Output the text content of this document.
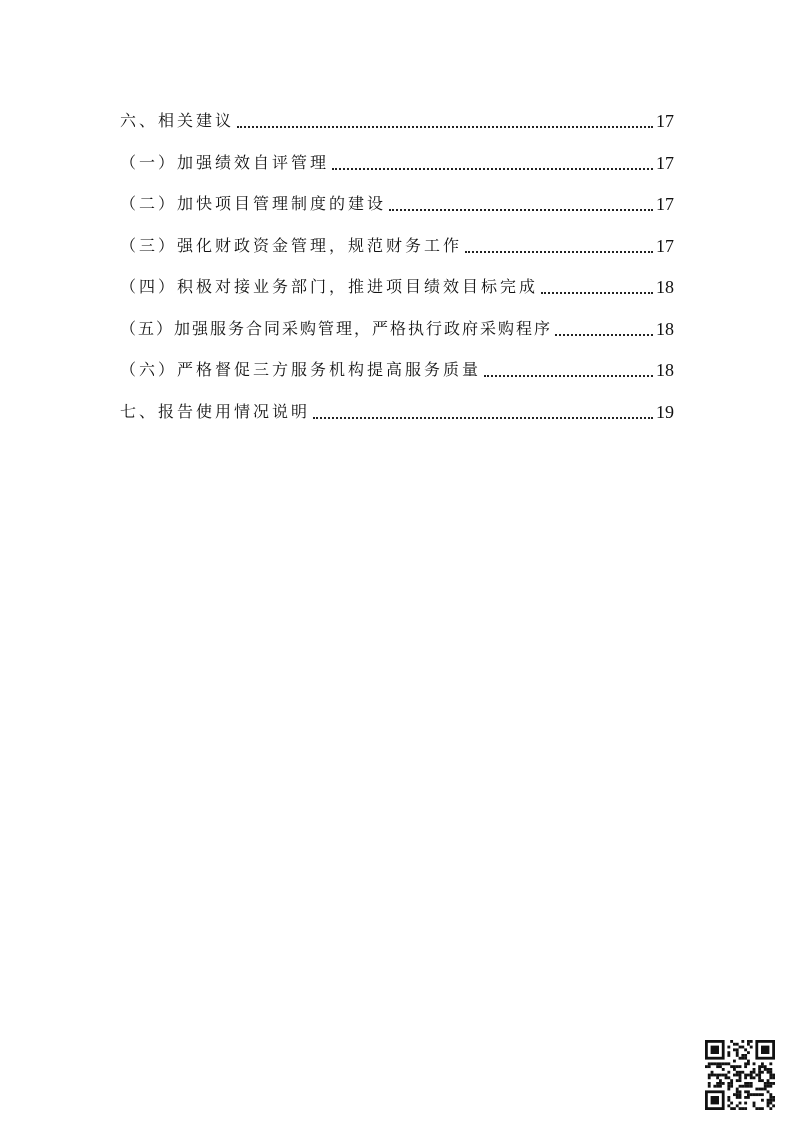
六、相关建议	17
（一）加强绩效自评管理	17
（二）加快项目管理制度的建设	17
（三）强化财政资金管理，规范财务工作	17
（四）积极对接业务部门，推进项目绩效目标完成	18
（五）加强服务合同采购管理，严格执行政府采购程序	18
（六）严格督促三方服务机构提高服务质量	18
七、报告使用情况说明	19
